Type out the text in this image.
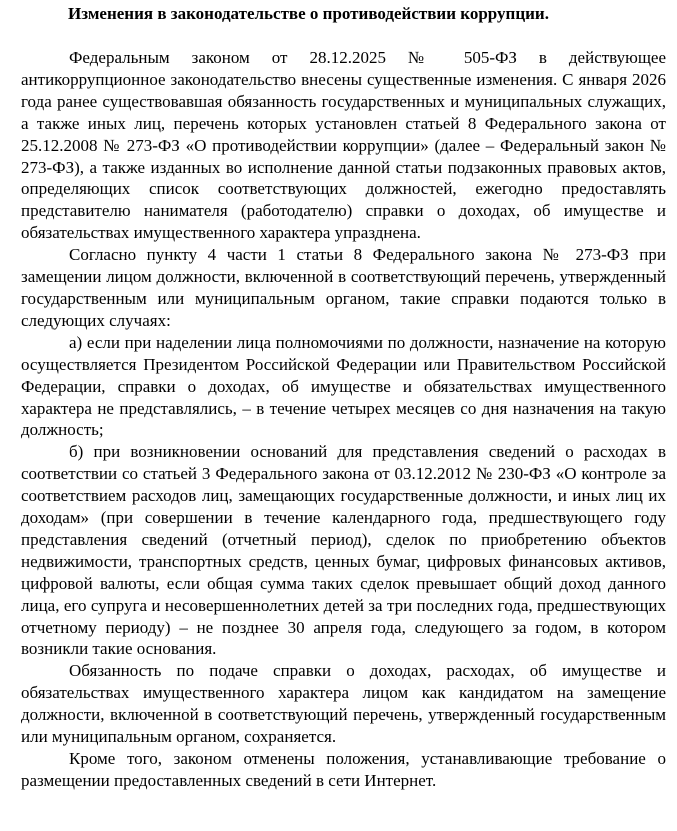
Изменения в законодательстве о противодействии коррупции.

Федеральным законом от 28.12.2025 № 505-ФЗ в действующее антикоррупционное законодательство внесены существенные изменения. С января 2026 года ранее существовавшая обязанность государственных и муниципальных служащих, а также иных лиц, перечень которых установлен статьей 8 Федерального закона от 25.12.2008 № 273-ФЗ «О противодействии коррупции» (далее – Федеральный закон № 273-ФЗ), а также изданных во исполнение данной статьи подзаконных правовых актов, определяющих список соответствующих должностей, ежегодно предоставлять представителю нанимателя (работодателю) справки о доходах, об имуществе и обязательствах имущественного характера упразднена.

Согласно пункту 4 части 1 статьи 8 Федерального закона № 273-ФЗ при замещении лицом должности, включенной в соответствующий перечень, утвержденный государственным или муниципальным органом, такие справки подаются только в следующих случаях:

а) если при наделении лица полномочиями по должности, назначение на которую осуществляется Президентом Российской Федерации или Правительством Российской Федерации, справки о доходах, об имуществе и обязательствах имущественного характера не представлялись, – в течение четырех месяцев со дня назначения на такую должность;

б) при возникновении оснований для представления сведений о расходах в соответствии со статьей 3 Федерального закона от 03.12.2012 № 230-ФЗ «О контроле за соответствием расходов лиц, замещающих государственные должности, и иных лиц их доходам» (при совершении в течение календарного года, предшествующего году представления сведений (отчетный период), сделок по приобретению объектов недвижимости, транспортных средств, ценных бумаг, цифровых финансовых активов, цифровой валюты, если общая сумма таких сделок превышает общий доход данного лица, его супруга и несовершеннолетних детей за три последних года, предшествующих отчетному периоду) – не позднее 30 апреля года, следующего за годом, в котором возникли такие основания.

Обязанность по подаче справки о доходах, расходах, об имуществе и обязательствах имущественного характера лицом как кандидатом на замещение должности, включенной в соответствующий перечень, утвержденный государственным или муниципальным органом, сохраняется.

Кроме того, законом отменены положения, устанавливающие требование о размещении предоставленных сведений в сети Интернет.
